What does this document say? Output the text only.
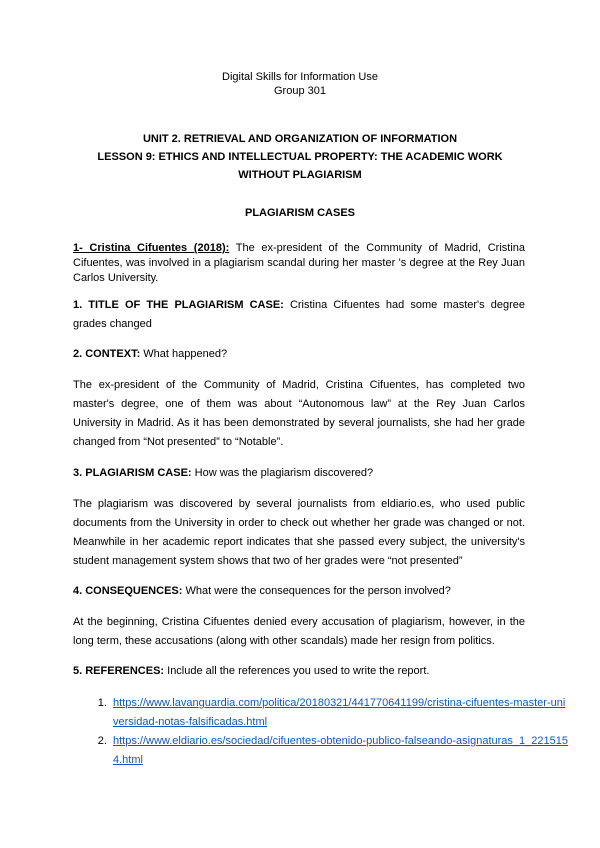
Digital Skills for Information Use
Group 301
UNIT 2. RETRIEVAL AND ORGANIZATION OF INFORMATION
LESSON 9: ETHICS AND INTELLECTUAL PROPERTY: THE ACADEMIC WORK
WITHOUT PLAGIARISM
PLAGIARISM CASES
1- Cristina Cifuentes (2018): The ex-president of the Community of Madrid, Cristina Cifuentes, was involved in a plagiarism scandal during her master 's degree at the Rey Juan Carlos University.
1. TITLE OF THE PLAGIARISM CASE: Cristina Cifuentes had some master's degree grades changed
2. CONTEXT: What happened?
The ex-president of the Community of Madrid, Cristina Cifuentes, has completed two master's degree, one of them was about “Autonomous law” at the Rey Juan Carlos University in Madrid. As it has been demonstrated by several journalists, she had her grade changed from “Not presented” to “Notable”.
3. PLAGIARISM CASE: How was the plagiarism discovered?
The plagiarism was discovered by several journalists from eldiario.es, who used public documents from the University in order to check out whether her grade was changed or not. Meanwhile in her academic report indicates that she passed every subject, the university's student management system shows that two of her grades were “not presented”
4. CONSEQUENCES: What were the consequences for the person involved?
At the beginning, Cristina Cifuentes denied every accusation of plagiarism, however, in the long term, these accusations (along with other scandals) made her resign from politics.
5. REFERENCES: Include all the references you used to write the report.
1. https://www.lavanguardia.com/politica/20180321/441770641199/cristina-cifuentes-master-universidad-notas-falsificadas.html
2. https://www.eldiario.es/sociedad/cifuentes-obtenido-publico-falseando-asignaturas_1_2215154.html
